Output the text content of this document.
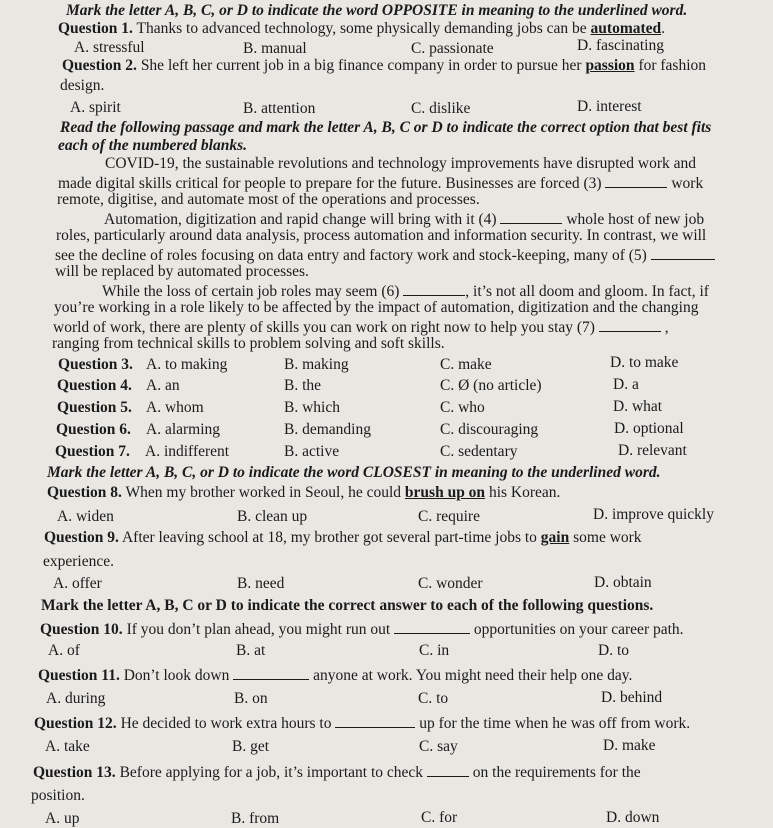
Mark the letter A, B, C, or D to indicate the word OPPOSITE in meaning to the underlined word.
Question 1. Thanks to advanced technology, some physically demanding jobs can be automated.
A. stressful	B. manual	C. passionate	D. fascinating
Question 2. She left her current job in a big finance company in order to pursue her passion for fashion
design.
A. spirit	B. attention	C. dislike	D. interest
Read the following passage and mark the letter A, B, C or D to indicate the correct option that best fits
each of the numbered blanks.
COVID-19, the sustainable revolutions and technology improvements have disrupted work and
made digital skills critical for people to prepare for the future. Businesses are forced (3)	work
remote, digitise, and automate most of the operations and processes.
Automation, digitization and rapid change will bring with it (4)	whole host of new job
roles, particularly around data analysis, process automation and information security. In contrast, we will
see the decline of roles focusing on data entry and factory work and stock-keeping, many of (5)
will be replaced by automated processes.
While the loss of certain job roles may seem (6)	, it’s not all doom and gloom. In fact, if
you’re working in a role likely to be affected by the impact of automation, digitization and the changing
world of work, there are plenty of skills you can work on right now to help you stay (7)	,
ranging from technical skills to problem solving and soft skills.
Question 3. A. to making	B. making	C. make	D. to make
Question 4. A. an	B. the	C. Ø (no article)	D. a
Question 5. A. whom	B. which	C. who	D. what
Question 6. A. alarming	B. demanding	C. discouraging	D. optional
Question 7. A. indifferent	B. active	C. sedentary	D. relevant
Mark the letter A, B, C, or D to indicate the word CLOSEST in meaning to the underlined word.
Question 8. When my brother worked in Seoul, he could brush up on his Korean.
A. widen	B. clean up	C. require	D. improve quickly
Question 9. After leaving school at 18, my brother got several part-time jobs to gain some work
experience.
A. offer	B. need	C. wonder	D. obtain
Mark the letter A, B, C or D to indicate the correct answer to each of the following questions.
Question 10. If you don’t plan ahead, you might run out	opportunities on your career path.
A. of	B. at	C. in	D. to
Question 11. Don’t look down	anyone at work. You might need their help one day.
A. during	B. on	C. to	D. behind
Question 12. He decided to work extra hours to	up for the time when he was off from work.
A. take	B. get	C. say	D. make
Question 13. Before applying for a job, it’s important to check	on the requirements for the
position.
A. up	B. from	C. for	D. down
